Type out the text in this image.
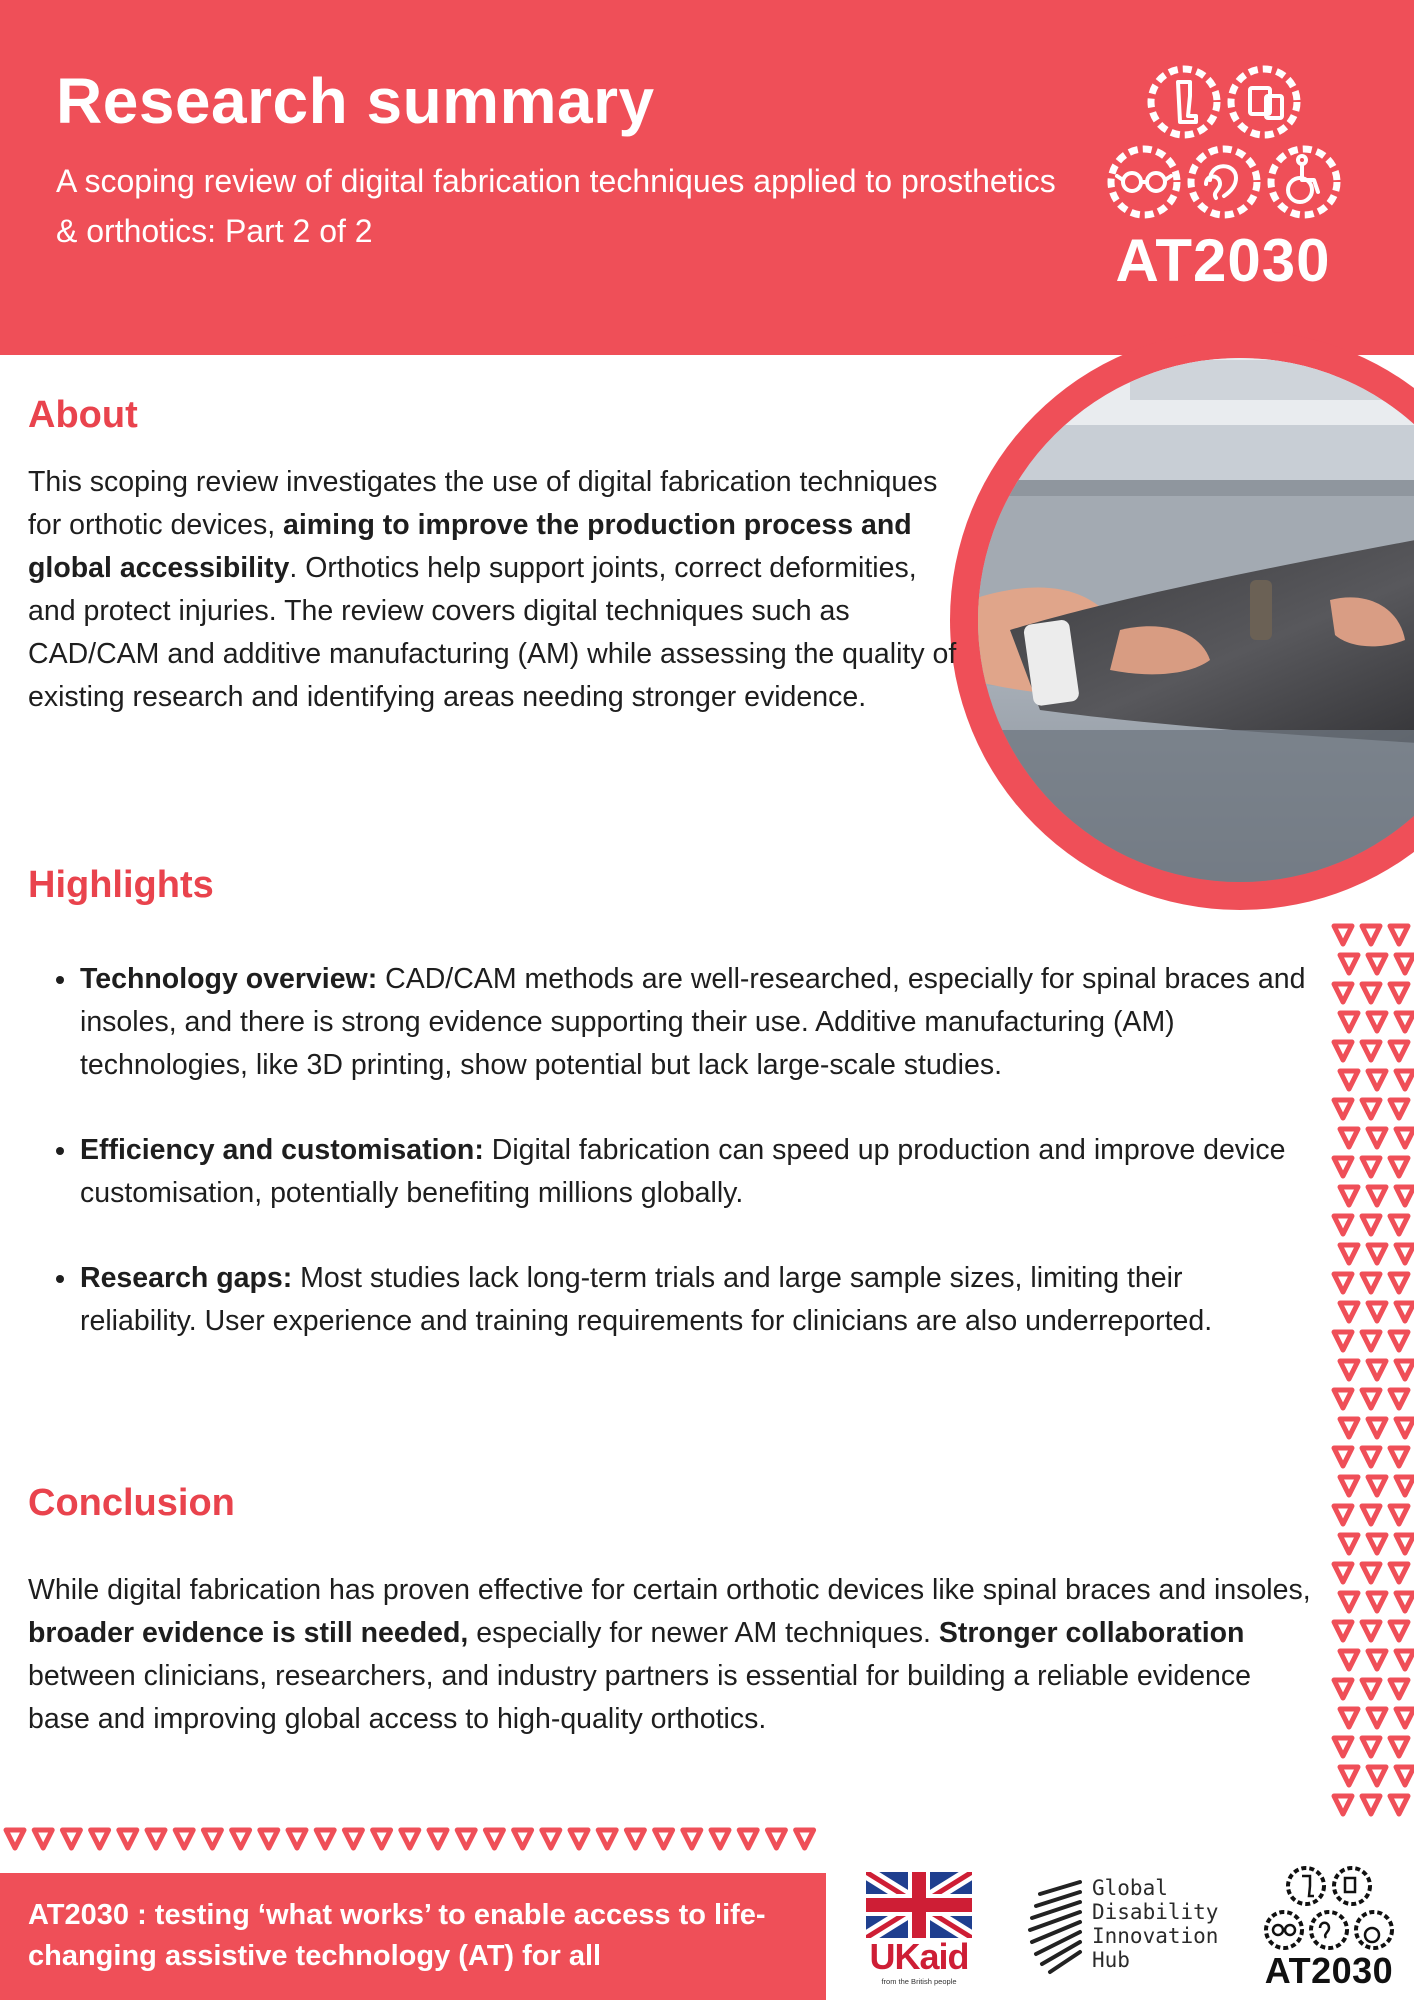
Research summary
A scoping review of digital fabrication techniques applied to prosthetics & orthotics: Part 2 of 2	AT2030
About

This scoping review investigates the use of digital fabrication techniques for orthotic devices, aiming to improve the production process and global accessibility. Orthotics help support joints, correct deformities, and protect injuries. The review covers digital techniques such as CAD/CAM and additive manufacturing (AM) while assessing the quality of existing research and identifying areas needing stronger evidence.

Highlights
Technology overview: CAD/CAM methods are well-researched, especially for spinal braces and insoles, and there is strong evidence supporting their use. Additive manufacturing (AM) technologies, like 3D printing, show potential but lack large-scale studies.
Efficiency and customisation: Digital fabrication can speed up production and improve device customisation, potentially benefiting millions globally.
Research gaps: Most studies lack long-term trials and large sample sizes, limiting their reliability. User experience and training requirements for clinicians are also underreported.
Conclusion

While digital fabrication has proven effective for certain orthotic devices like spinal braces and insoles, broader evidence is still needed, especially for newer AM techniques. Stronger collaboration between clinicians, researchers, and industry partners is essential for building a reliable evidence base and improving global access to high-quality orthotics.

AT2030 : testing ‘what works’ to enable access to life-changing assistive technology (AT) for all	UKaid
from the British people
Global Disability Innovation Hub	AT2030
